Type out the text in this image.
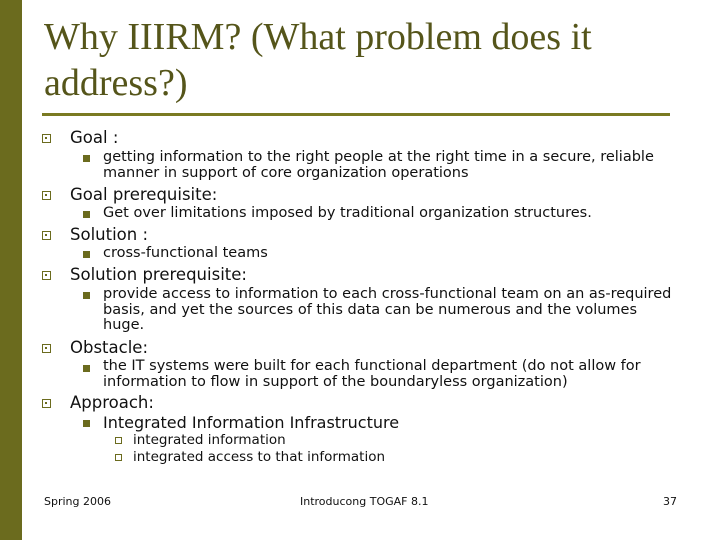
Why IIIRM? (What problem does it address?)
Goal :
getting information to the right people at the right time in a secure, reliable manner in support of core organization operations
Goal prerequisite:
Get over limitations imposed by traditional organization structures.
Solution :
cross-functional teams
Solution prerequisite:
provide access to information to each cross-functional team on an as-required basis, and yet the sources of this data can be numerous and the volumes huge.
Obstacle:
the IT systems were built for each functional department (do not allow for information to flow in support of the boundaryless organization)
Approach:
Integrated Information Infrastructure
integrated information
integrated access to that information
Spring 2006	Introducong TOGAF 8.1	37
